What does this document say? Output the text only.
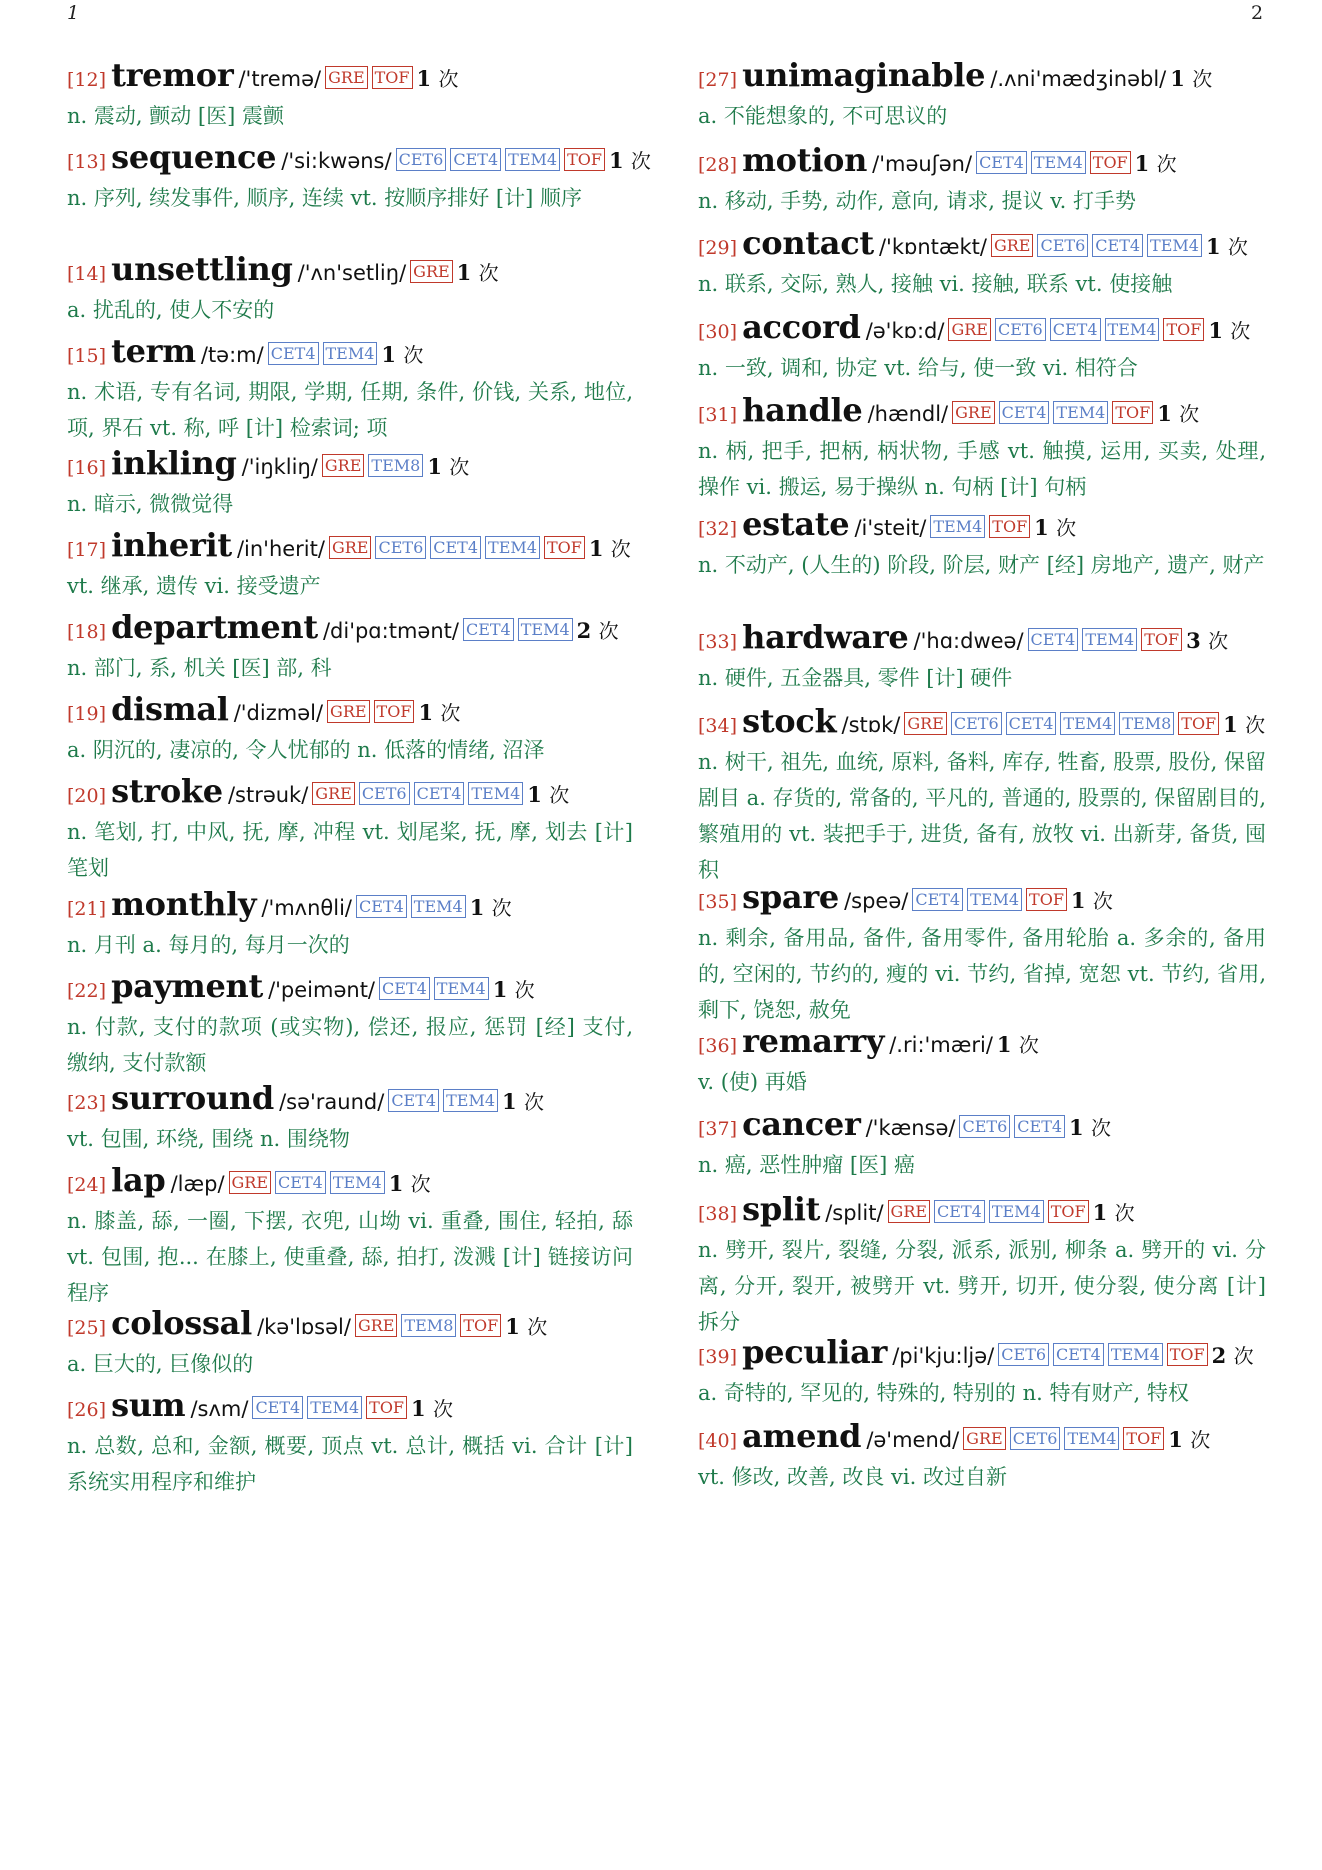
1	2
[12] tremor /'tremə/ GRE TOF 1 次
n. 震动, 颤动 [医] 震颤
[13] sequence /'si:kwəns/ CET6 CET4 TEM4 TOF 1 次
n. 序列, 续发事件, 顺序, 连续 vt. 按顺序排好 [计] 顺序
[14] unsettling /'ʌn'setliŋ/ GRE 1 次
a. 扰乱的, 使人不安的
[15] term /tə:m/ CET4 TEM4 1 次
n. 术语, 专有名词, 期限, 学期, 任期, 条件, 价钱, 关系, 地位, 项, 界石 vt. 称, 呼 [计] 检索词; 项
[16] inkling /'iŋkliŋ/ GRE TEM8 1 次
n. 暗示, 微微觉得
[17] inherit /in'herit/ GRE CET6 CET4 TEM4 TOF 1 次
vt. 继承, 遗传 vi. 接受遗产
[18] department /di'pɑ:tmənt/ CET4 TEM4 2 次
n. 部门, 系, 机关 [医] 部, 科
[19] dismal /'dizməl/ GRE TOF 1 次
a. 阴沉的, 凄凉的, 令人忧郁的 n. 低落的情绪, 沼泽
[20] stroke /strəuk/ GRE CET6 CET4 TEM4 1 次
n. 笔划, 打, 中风, 抚, 摩, 冲程 vt. 划尾桨, 抚, 摩, 划去 [计] 笔划
[21] monthly /'mʌnθli/ CET4 TEM4 1 次
n. 月刊 a. 每月的, 每月一次的
[22] payment /'peimənt/ CET4 TEM4 1 次
n. 付款, 支付的款项 (或实物), 偿还, 报应, 惩罚 [经] 支付, 缴纳, 支付款额
[23] surround /sə'raund/ CET4 TEM4 1 次
vt. 包围, 环绕, 围绕 n. 围绕物
[24] lap /læp/ GRE CET4 TEM4 1 次
n. 膝盖, 舔, 一圈, 下摆, 衣兜, 山坳 vi. 重叠, 围住, 轻拍, 舔 vt. 包围, 抱... 在膝上, 使重叠, 舔, 拍打, 泼溅 [计] 链接访问程序
[25] colossal /kə'lɒsəl/ GRE TEM8 TOF 1 次
a. 巨大的, 巨像似的
[26] sum /sʌm/ CET4 TEM4 TOF 1 次
n. 总数, 总和, 金额, 概要, 顶点 vt. 总计, 概括 vi. 合计 [计] 系统实用程序和维护
[27] unimaginable /.ʌni'mædʒinəbl/ 1 次
a. 不能想象的, 不可思议的
[28] motion /'məuʃən/ CET4 TEM4 TOF 1 次
n. 移动, 手势, 动作, 意向, 请求, 提议 v. 打手势
[29] contact /'kɒntækt/ GRE CET6 CET4 TEM4 1 次
n. 联系, 交际, 熟人, 接触 vi. 接触, 联系 vt. 使接触
[30] accord /ə'kɒ:d/ GRE CET6 CET4 TEM4 TOF 1 次
n. 一致, 调和, 协定 vt. 给与, 使一致 vi. 相符合
[31] handle /hændl/ GRE CET4 TEM4 TOF 1 次
n. 柄, 把手, 把柄, 柄状物, 手感 vt. 触摸, 运用, 买卖, 处理, 操作 vi. 搬运, 易于操纵 n. 句柄 [计] 句柄
[32] estate /i'steit/ TEM4 TOF 1 次
n. 不动产, (人生的) 阶段, 阶层, 财产 [经] 房地产, 遗产, 财产
[33] hardware /'hɑ:dweə/ CET4 TEM4 TOF 3 次
n. 硬件, 五金器具, 零件 [计] 硬件
[34] stock /stɒk/ GRE CET6 CET4 TEM4 TEM8 TOF 1 次
n. 树干, 祖先, 血统, 原料, 备料, 库存, 牲畜, 股票, 股份, 保留剧目 a. 存货的, 常备的, 平凡的, 普通的, 股票的, 保留剧目的, 繁殖用的 vt. 装把手于, 进货, 备有, 放牧 vi. 出新芽, 备货, 囤积
[35] spare /speə/ CET4 TEM4 TOF 1 次
n. 剩余, 备用品, 备件, 备用零件, 备用轮胎 a. 多余的, 备用的, 空闲的, 节约的, 瘦的 vi. 节约, 省掉, 宽恕 vt. 节约, 省用, 剩下, 饶恕, 赦免
[36] remarry /.ri:'mæri/ 1 次
v. (使) 再婚
[37] cancer /'kænsə/ CET6 CET4 1 次
n. 癌, 恶性肿瘤 [医] 癌
[38] split /split/ GRE CET4 TEM4 TOF 1 次
n. 劈开, 裂片, 裂缝, 分裂, 派系, 派别, 柳条 a. 劈开的 vi. 分离, 分开, 裂开, 被劈开 vt. 劈开, 切开, 使分裂, 使分离 [计] 拆分
[39] peculiar /pi'kju:ljə/ CET6 CET4 TEM4 TOF 2 次
a. 奇特的, 罕见的, 特殊的, 特别的 n. 特有财产, 特权
[40] amend /ə'mend/ GRE CET6 TEM4 TOF 1 次
vt. 修改, 改善, 改良 vi. 改过自新
